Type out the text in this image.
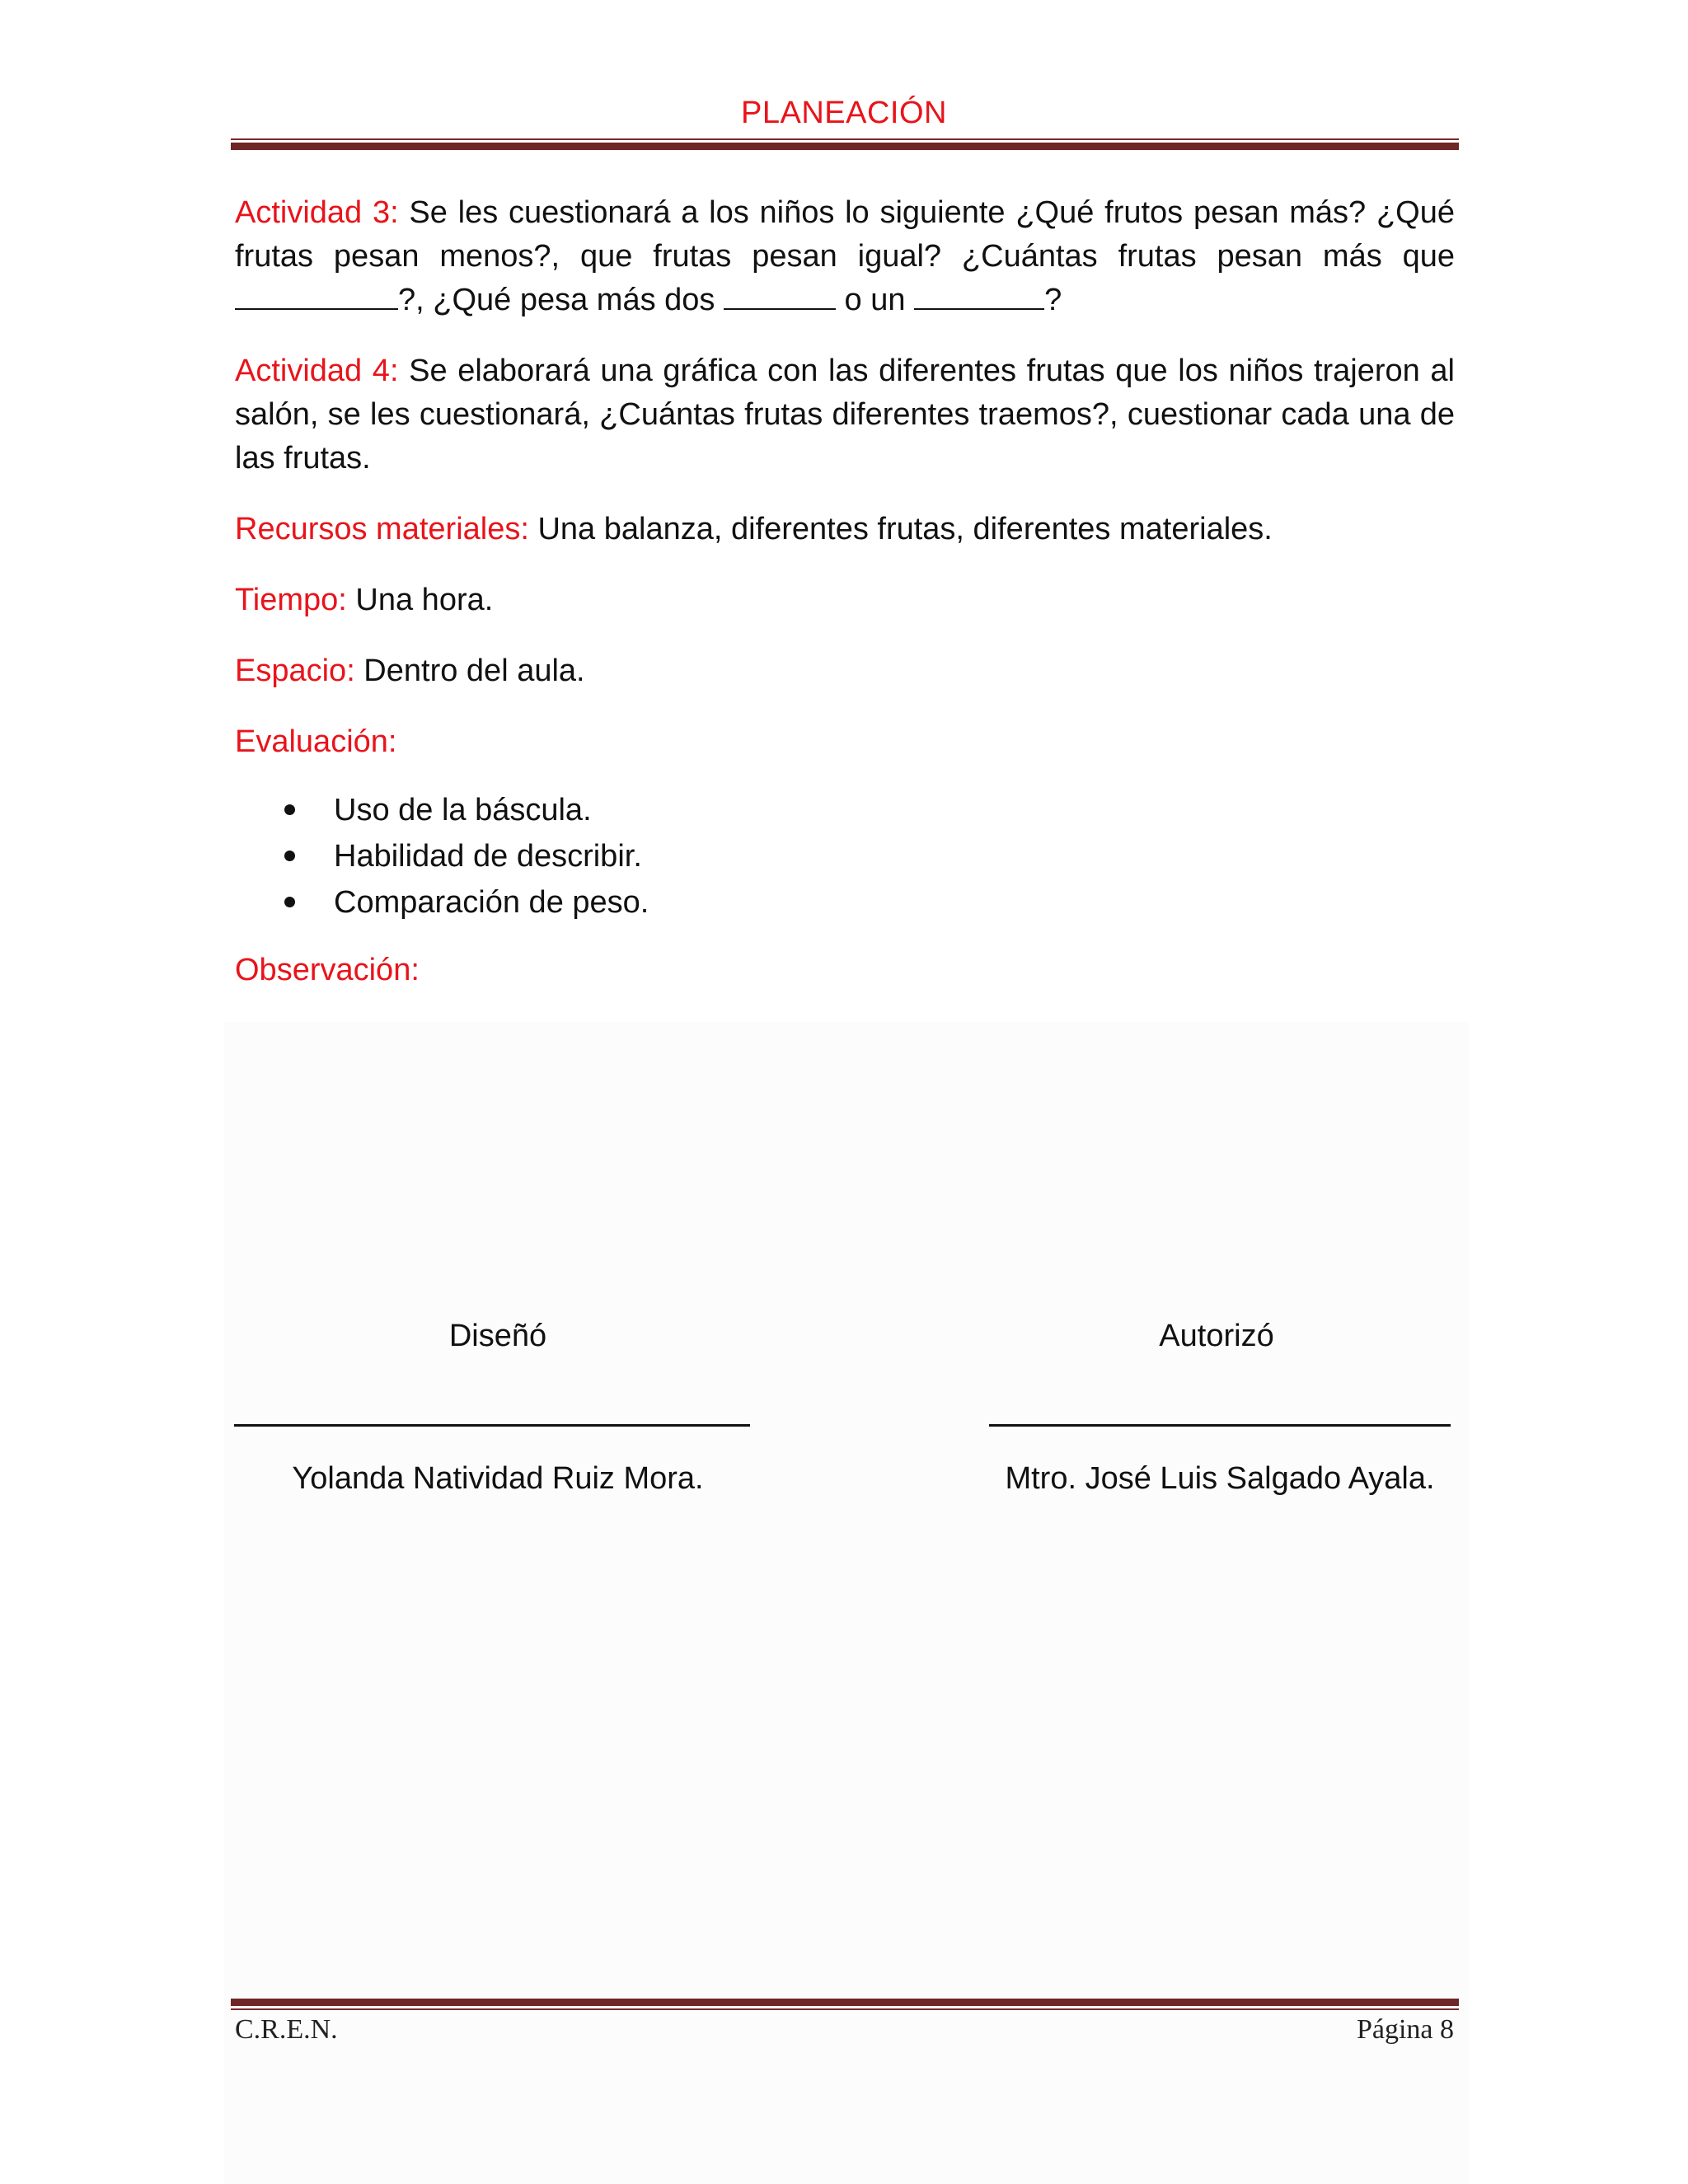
PLANEACIÓN

Actividad 3: Se les cuestionará a los niños lo siguiente ¿Qué frutos pesan más? ¿Qué frutas pesan menos?, que frutas pesan igual? ¿Cuántas frutas pesan más que?, ¿Qué pesa más dos	o un	?

Actividad 4: Se elaborará una gráfica con las diferentes frutas que los niños trajeron al salón, se les cuestionará, ¿Cuántas frutas diferentes traemos?, cuestionar cada una de las frutas.

Recursos materiales: Una balanza, diferentes frutas, diferentes materiales.

Tiempo: Una hora.

Espacio: Dentro del aula.

Evaluación:

Uso de la báscula.
Habilidad de describir.
Comparación de peso.

Observación:

Diseñó	Autorizó
Yolanda Natividad Ruiz Mora.	Mtro. José Luis Salgado Ayala.
C.R.E.N.	Página 8
